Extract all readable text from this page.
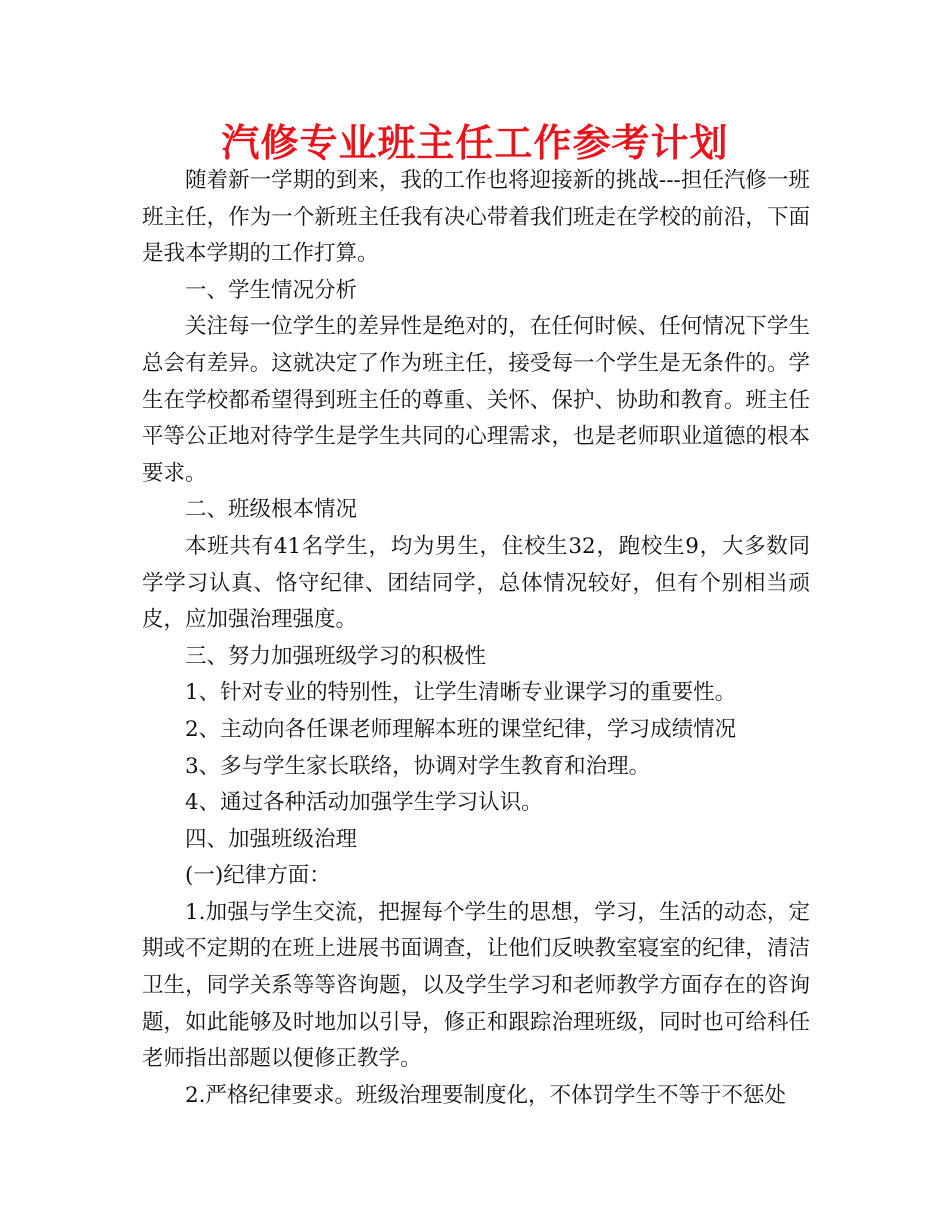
汽修专业班主任工作参考计划

随着新一学期的到来，我的工作也将迎接新的挑战---担任汽修一班班主任，作为一个新班主任我有决心带着我们班走在学校的前沿，下面是我本学期的工作打算。

一、学生情况分析

关注每一位学生的差异性是绝对的，在任何时候、任何情况下学生总会有差异。这就决定了作为班主任，接受每一个学生是无条件的。学生在学校都希望得到班主任的尊重、关怀、保护、协助和教育。班主任平等公正地对待学生是学生共同的心理需求，也是老师职业道德的根本要求。

二、班级根本情况

本班共有41名学生，均为男生，住校生32，跑校生9，大多数同学学习认真、恪守纪律、团结同学，总体情况较好，但有个别相当顽皮，应加强治理强度。

三、努力加强班级学习的积极性

1、针对专业的特别性，让学生清晰专业课学习的重要性。

2、主动向各任课老师理解本班的课堂纪律，学习成绩情况

3、多与学生家长联络，协调对学生教育和治理。

4、通过各种活动加强学生学习认识。

四、加强班级治理

(一)纪律方面：

1.加强与学生交流，把握每个学生的思想，学习，生活的动态，定期或不定期的在班上进展书面调查，让他们反映教室寝室的纪律，清洁卫生，同学关系等等咨询题，以及学生学习和老师教学方面存在的咨询题，如此能够及时地加以引导，修正和跟踪治理班级，同时也可给科任老师指出部题以便修正教学。

2.严格纪律要求。班级治理要制度化，不体罚学生不等于不惩处
